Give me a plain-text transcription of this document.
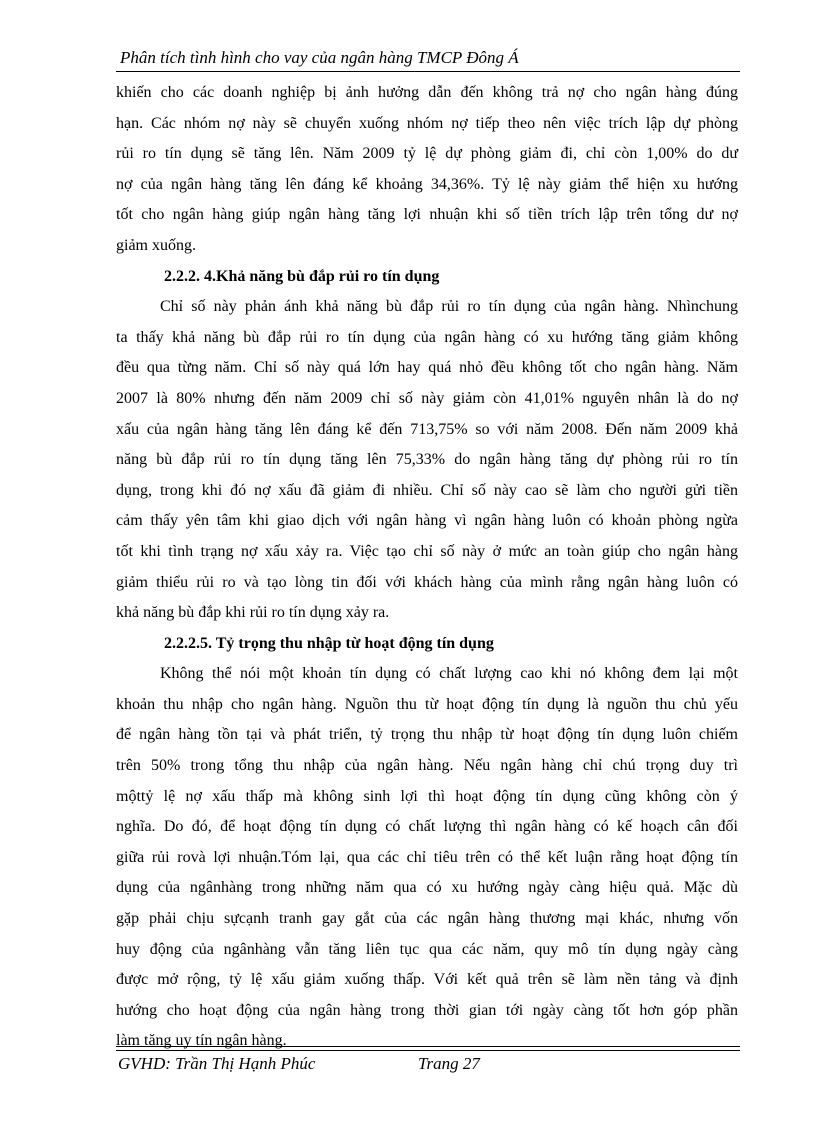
Phân tích tình hình cho vay của ngân hàng TMCP Đông Á
khiến cho các doanh nghiệp bị ảnh hưởng dẫn đến không trả nợ cho ngân hàng đúng
hạn. Các nhóm nợ này sẽ chuyển xuống nhóm nợ tiếp theo nên việc trích lập dự phòng
rủi ro tín dụng sẽ tăng lên. Năm 2009 tỷ lệ dự phòng giảm đi, chỉ còn 1,00% do dư
nợ của ngân hàng tăng lên đáng kể khoảng 34,36%. Tỷ lệ này giảm thể hiện xu hướng
tốt cho ngân hàng giúp ngân hàng tăng lợi nhuận khi số tiền trích lập trên tổng dư nợ
giảm xuống.
2.2.2. 4.Khả năng bù đắp rủi ro tín dụng
Chỉ số này phản ánh khả năng bù đắp rủi ro tín dụng của ngân hàng. Nhìnchung
ta thấy khả năng bù đắp rủi ro tín dụng của ngân hàng có xu hướng tăng giảm không
đều qua từng năm. Chỉ số này quá lớn hay quá nhỏ đều không tốt cho ngân hàng. Năm
2007 là 80% nhưng đến năm 2009 chỉ số này giảm còn 41,01% nguyên nhân là do nợ
xấu của ngân hàng tăng lên đáng kể đến 713,75% so với năm 2008. Đến năm 2009 khả
năng bù đắp rủi ro tín dụng tăng lên 75,33% do ngân hàng tăng dự phòng rủi ro tín
dụng, trong khi đó nợ xấu đã giảm đi nhiều. Chỉ số này cao sẽ làm cho người gửi tiền
cảm thấy yên tâm khi giao dịch với ngân hàng vì ngân hàng luôn có khoản phòng ngừa
tốt khi tình trạng nợ xấu xảy ra. Việc tạo chỉ số này ở mức an toàn giúp cho ngân hàng
giảm thiểu rủi ro và tạo lòng tin đối với khách hàng của mình rằng ngân hàng luôn có
khả năng bù đắp khi rủi ro tín dụng xảy ra.
2.2.2.5. Tỷ trọng thu nhập từ hoạt động tín dụng
Không thể nói một khoản tín dụng có chất lượng cao khi nó không đem lại một
khoản thu nhập cho ngân hàng. Nguồn thu từ hoạt động tín dụng là nguồn thu chủ yếu
để ngân hàng tồn tại và phát triển, tỷ trọng thu nhập từ hoạt động tín dụng luôn chiếm
trên 50% trong tổng thu nhập của ngân hàng. Nếu ngân hàng chỉ chú trọng duy trì
mộttỷ lệ nợ xấu thấp mà không sinh lợi thì hoạt động tín dụng cũng không còn ý
nghĩa. Do đó, để hoạt động tín dụng có chất lượng thì ngân hàng có kế hoạch cân đối
giữa rủi rovà lợi nhuận.Tóm lại, qua các chỉ tiêu trên có thể kết luận rằng hoạt động tín
dụng của ngânhàng trong những năm qua có xu hướng ngày càng hiệu quả. Mặc dù
gặp phải chịu sựcạnh tranh gay gắt của các ngân hàng thương mại khác, nhưng vốn
huy động của ngânhàng vẫn tăng liên tục qua các năm, quy mô tín dụng ngày càng
được mở rộng, tỷ lệ xấu giảm xuống thấp. Với kết quả trên sẽ làm nền tảng và định
hướng cho hoạt động của ngân hàng trong thời gian tới ngày càng tốt hơn góp phần
làm tăng uy tín ngân hàng.
GVHD: Trần Thị Hạnh Phúc	Trang 27
